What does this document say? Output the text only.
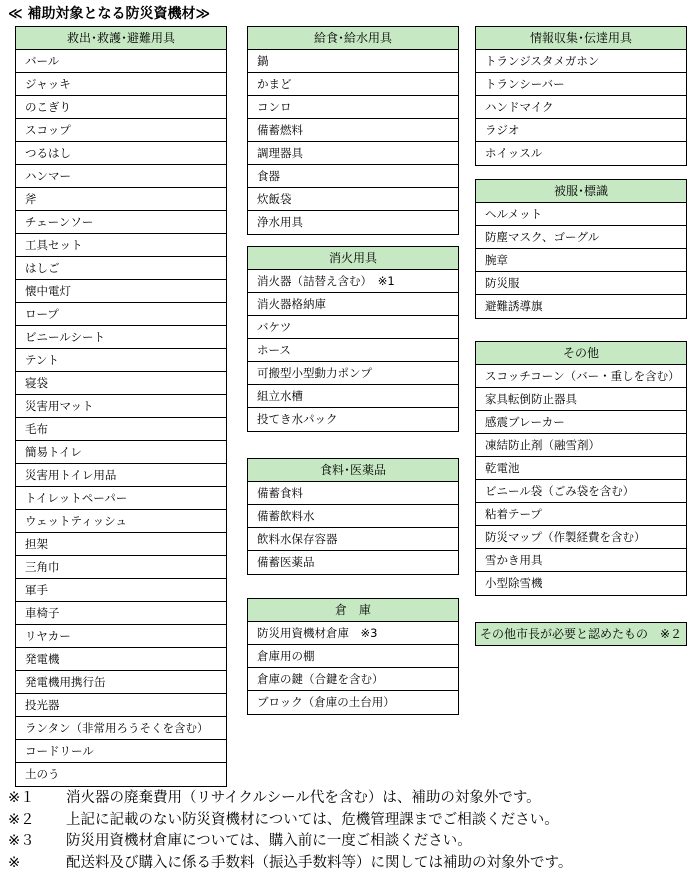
≪ 補助対象となる防災資機材≫
救出･救護･避難用具
バール
ジャッキ
のこぎり
スコップ
つるはし
ハンマー
斧
チェーンソー
工具セット
はしご
懐中電灯
ロープ
ビニールシート
テント
寝袋
災害用マット
毛布
簡易トイレ
災害用トイレ用品
トイレットペーパー
ウェットティッシュ
担架
三角巾
軍手
車椅子
リヤカー
発電機
発電機用携行缶
投光器
ランタン（非常用ろうそくを含む）
コードリール
土のう
給食･給水用具
鍋
かまど
コンロ
備蓄燃料
調理器具
食器
炊飯袋
浄水用具
消火用具
消火器（詰替え含む）　※1
消火器格納庫
バケツ
ホース
可搬型小型動力ポンプ
組立水槽
投てき水パック
食料･医薬品
備蓄食料
備蓄飲料水
飲料水保存容器
備蓄医薬品
倉　庫
防災用資機材倉庫　※3
倉庫用の棚
倉庫の鍵（合鍵を含む）
ブロック（倉庫の土台用）
情報収集･伝達用具
トランジスタメガホン
トランシーバー
ハンドマイク
ラジオ
ホイッスル
被服･標識
ヘルメット
防塵マスク、ゴーグル
腕章
防災服
避難誘導旗
その他
スコッチコーン（バー・重しを含む）
家具転倒防止器具
感震ブレーカー
凍結防止剤（融雪剤）
乾電池
ビニール袋（ごみ袋を含む）
粘着テープ
防災マップ（作製経費を含む）
雪かき用具
小型除雪機
その他市長が必要と認めたもの　※２
※１ 消火器の廃棄費用（リサイクルシール代を含む）は、補助の対象外です。
※２ 上記に記載のない防災資機材については、危機管理課までご相談ください。
※３ 防災用資機材倉庫については、購入前に一度ご相談ください。
※	配送料及び購入に係る手数料（振込手数料等）に関しては補助の対象外です。
